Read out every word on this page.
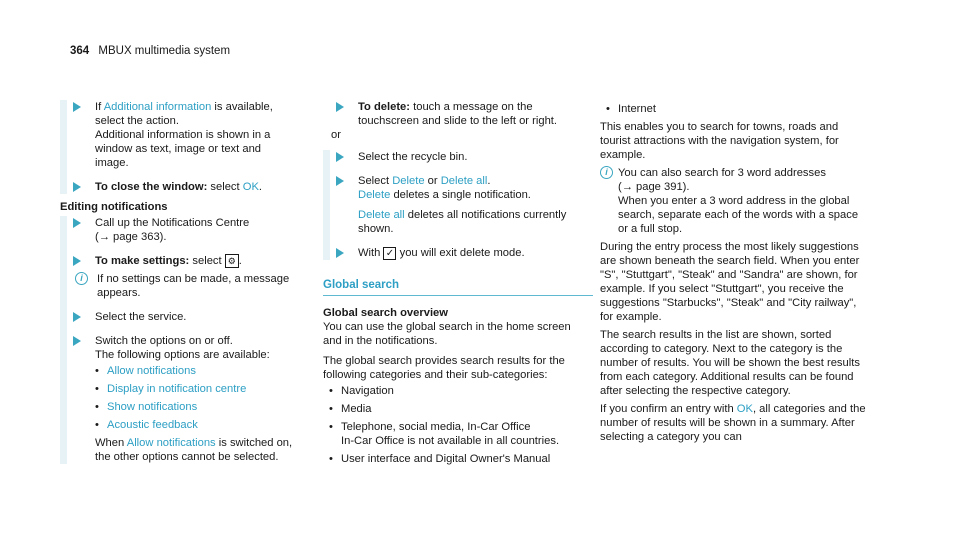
364 MBUX multimedia system
If Additional information is available, select the action.
Additional information is shown in a window as text, image or text and image.
To close the window: select OK.
Editing notifications
Call up the Notifications Centre
(→ page 363).
To make settings: select ⚙ .
i	If no settings can be made, a message appears.
Select the service.
Switch the options on or off.
The following options are available:
• Allow notifications
• Display in notification centre
• Show notifications
• Acoustic feedback
When Allow notifications is switched on, the other options cannot be selected.
To delete: touch a message on the touchscreen and slide to the left or right.
or
Select the recycle bin.
Select Delete or Delete all.
Delete deletes a single notification.
Delete all deletes all notifications currently shown.
With ✓ you will exit delete mode.
Global search
Global search overview
You can use the global search in the home screen and in the notifications.
The global search provides search results for the following categories and their sub-categories:
• Navigation
• Media
• Telephone, social media, In-Car Office
In-Car Office is not available in all countries.
• User interface and Digital Owner's Manual
• Internet
This enables you to search for towns, roads and tourist attractions with the navigation system, for example.
i You can also search for 3 word addresses
(→ page 391).
When you enter a 3 word address in the global search, separate each of the words with a space or a full stop.
During the entry process the most likely suggestions are shown beneath the search field. When you enter "S", "Stuttgart", "Steak" and "Sandra" are shown, for example. If you select "Stuttgart", you receive the suggestions "Starbucks", "Steak" and "City railway", for example.
The search results in the list are shown, sorted according to category. Next to the category is the number of results. You will be shown the best results from each category. Additional results can be found after selecting the respective category.
If you confirm an entry with OK, all categories and the number of results will be shown in a summary. After selecting a category you can
